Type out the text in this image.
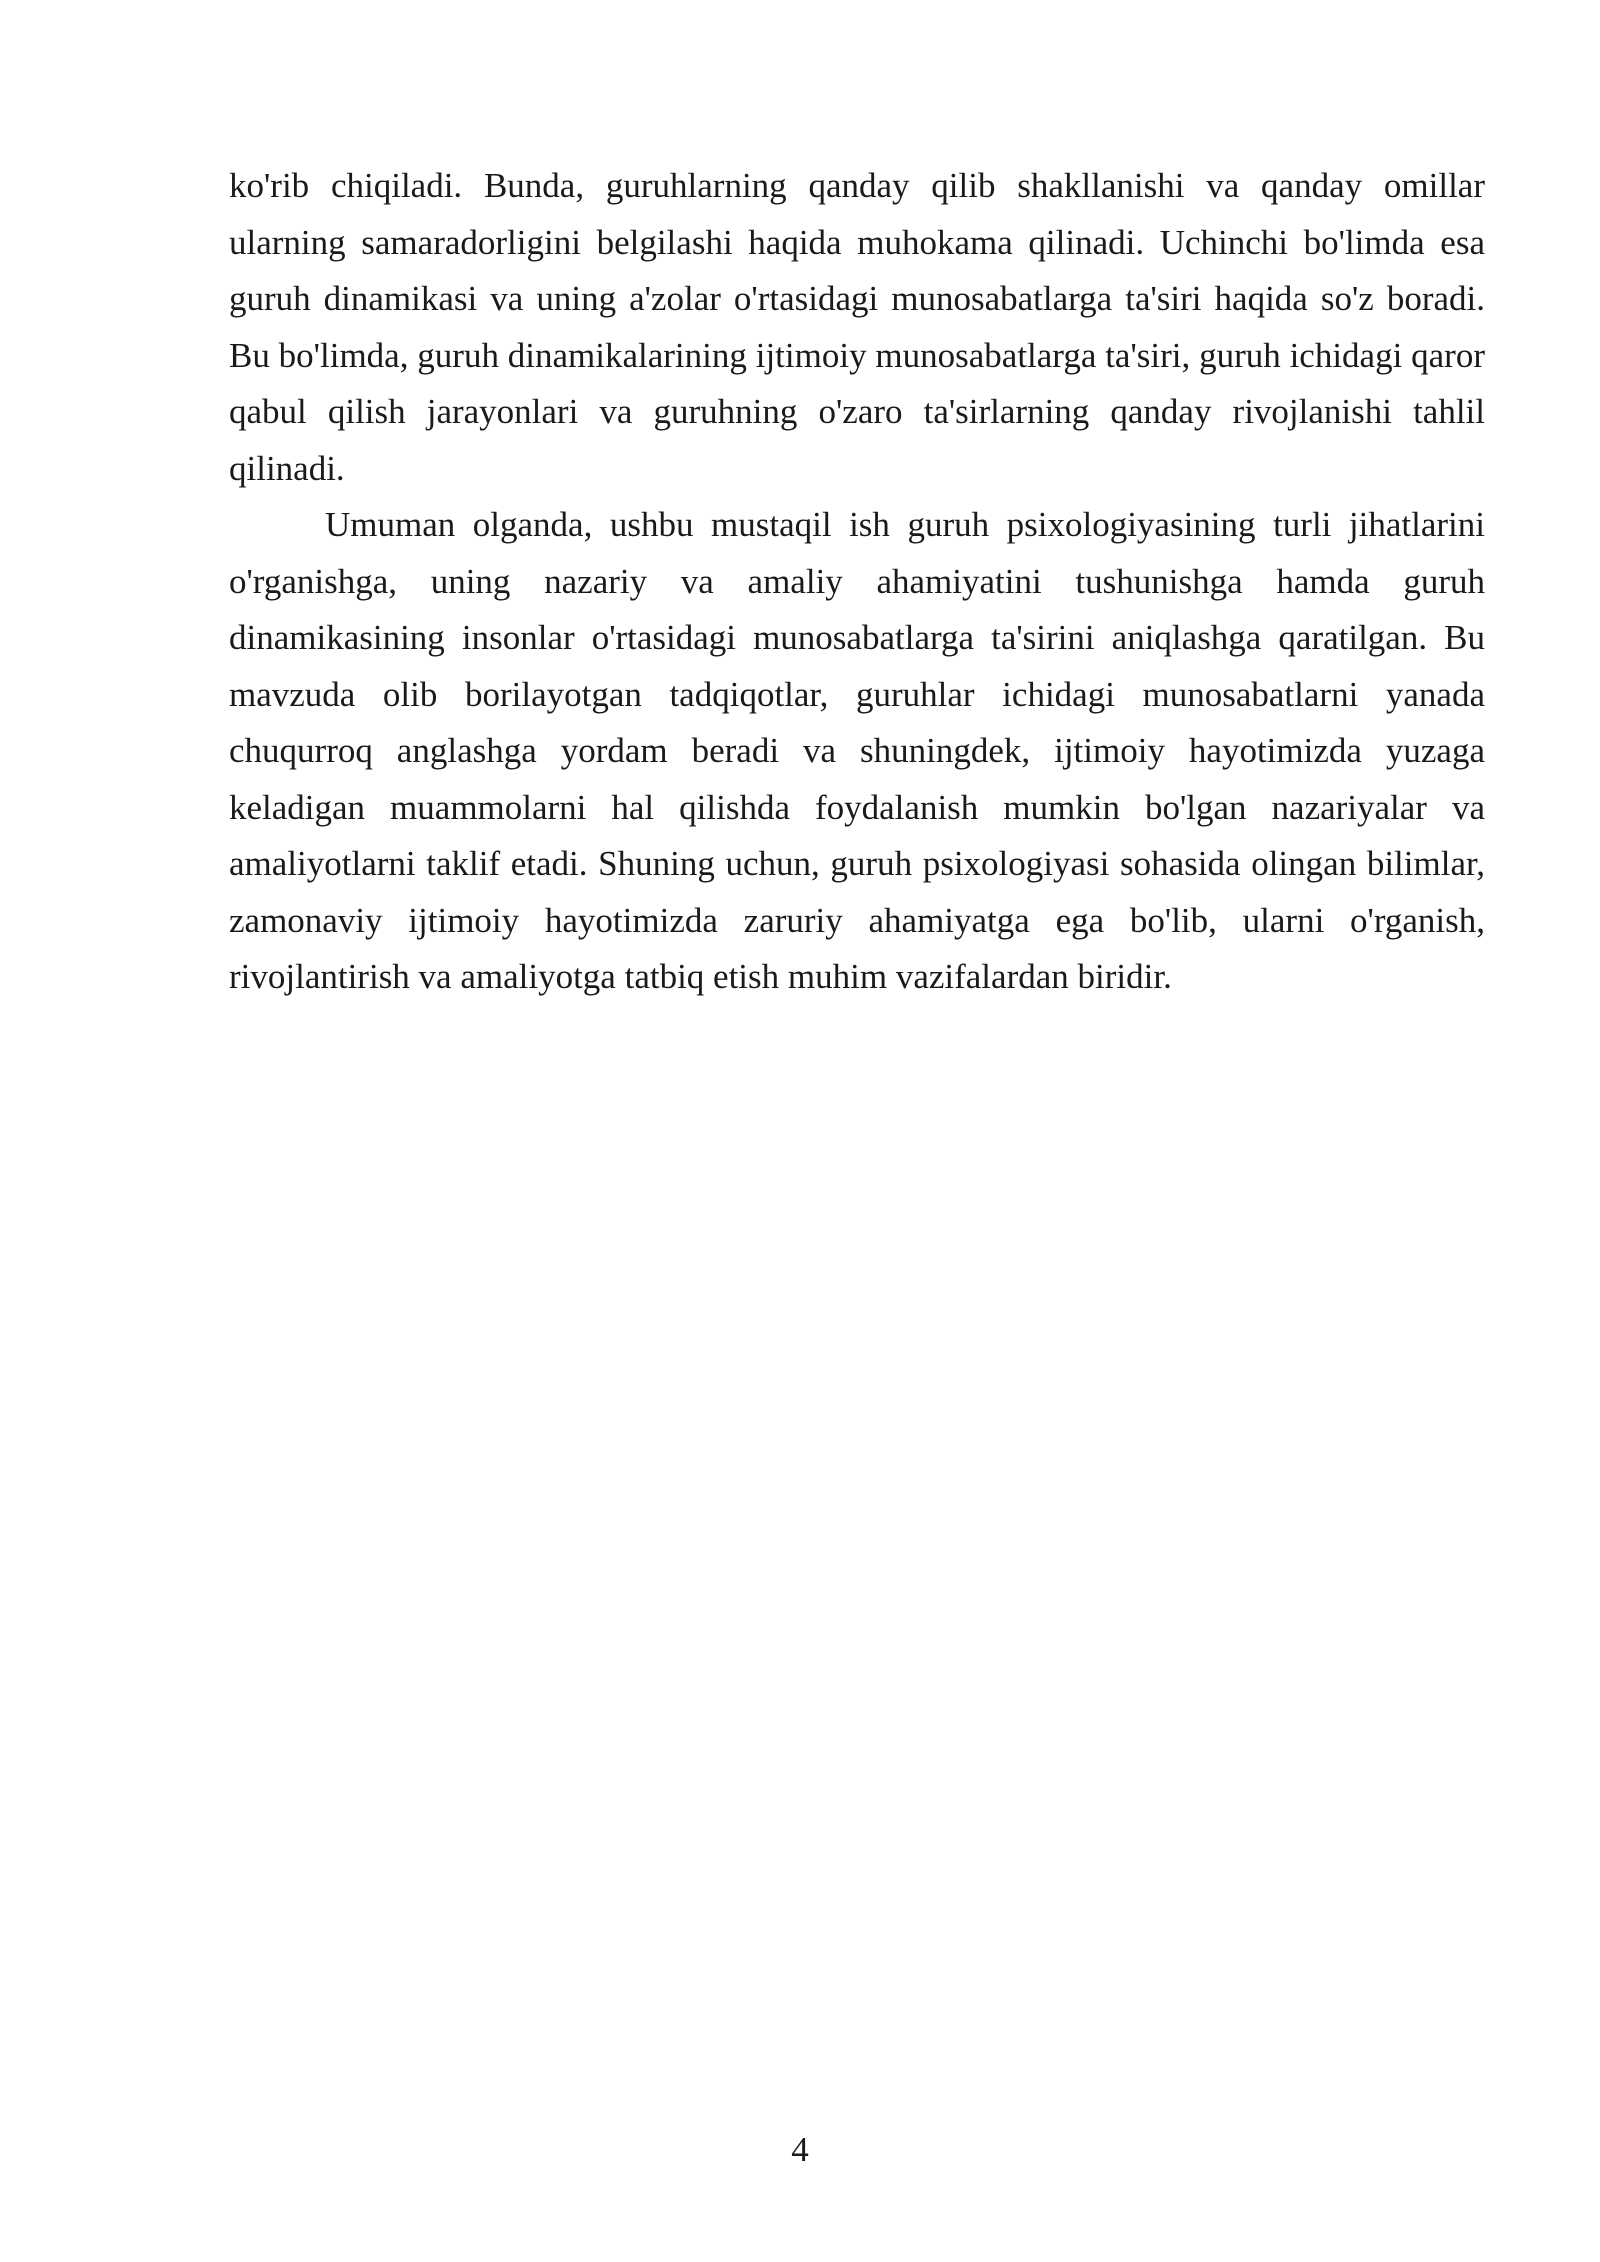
ko'rib chiqiladi. Bunda, guruhlarning qanday qilib shakllanishi va qanday omillar ularning samaradorligini belgilashi haqida muhokama qilinadi. Uchinchi bo'limda esa guruh dinamikasi va uning a'zolar o'rtasidagi munosabatlarga ta'siri haqida so'z boradi. Bu bo'limda, guruh dinamikalarining ijtimoiy munosabatlarga ta'siri, guruh ichidagi qaror qabul qilish jarayonlari va guruhning o'zaro ta'sirlarning qanday rivojlanishi tahlil qilinadi.

Umuman olganda, ushbu mustaqil ish guruh psixologiyasining turli jihatlarini o'rganishga, uning nazariy va amaliy ahamiyatini tushunishga hamda guruh dinamikasining insonlar o'rtasidagi munosabatlarga ta'sirini aniqlashga qaratilgan. Bu mavzuda olib borilayotgan tadqiqotlar, guruhlar ichidagi munosabatlarni yanada chuqurroq anglashga yordam beradi va shuningdek, ijtimoiy hayotimizda yuzaga keladigan muammolarni hal qilishda foydalanish mumkin bo'lgan nazariyalar va amaliyotlarni taklif etadi. Shuning uchun, guruh psixologiyasi sohasida olingan bilimlar, zamonaviy ijtimoiy hayotimizda zaruriy ahamiyatga ega bo'lib, ularni o'rganish, rivojlantirish va amaliyotga tatbiq etish muhim vazifalardan biridir.

4
